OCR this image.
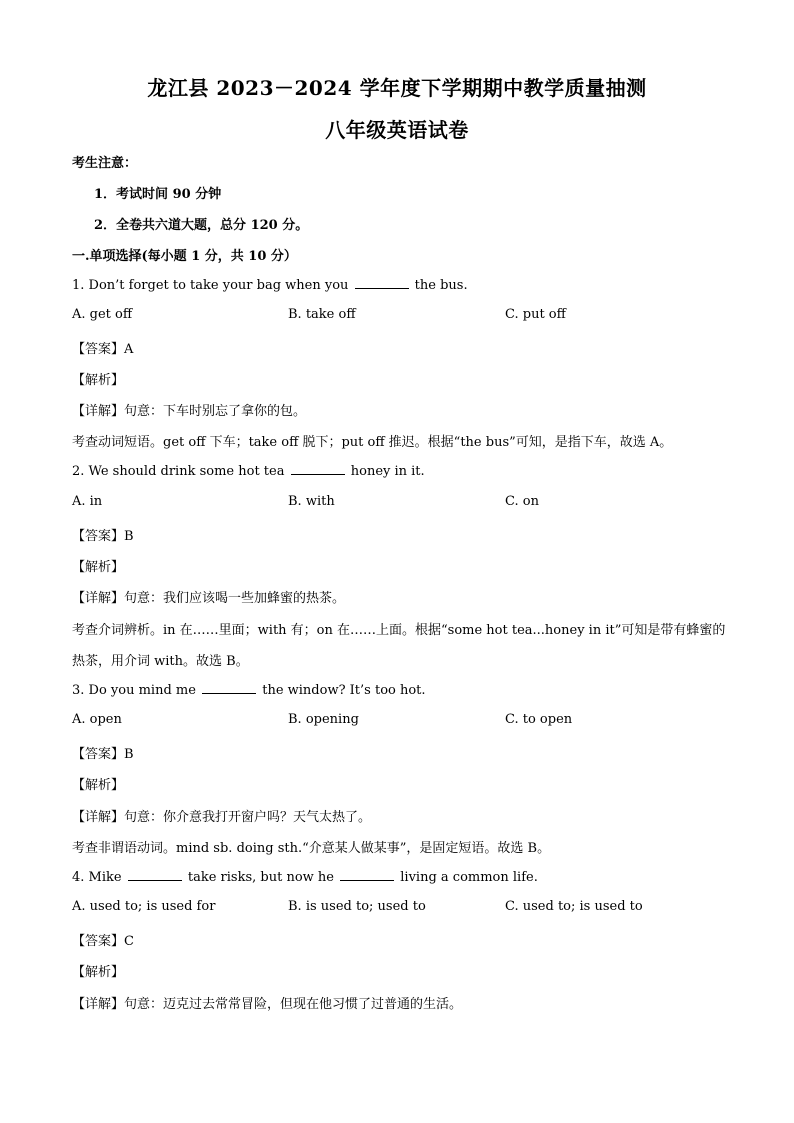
龙江县 2023－2024 学年度下学期期中教学质量抽测
八年级英语试卷
考生注意：
1．考试时间 90 分钟
2．全卷共六道大题，总分 120 分。
一.单项选择(每小题 1 分，共 10 分）
1. Don’t forget to take your bag when you	the bus.
A. get off	B. take off	C. put off
【答案】A
【解析】
【详解】句意：下车时别忘了拿你的包。
考查动词短语。get off 下车；take off 脱下；put off 推迟。根据“the bus”可知，是指下车，故选 A。
2. We should drink some hot tea	honey in it.
A. in	B. with	C. on
【答案】B
【解析】
【详解】句意：我们应该喝一些加蜂蜜的热茶。
考查介词辨析。in 在……里面；with 有；on 在……上面。根据“some hot tea...honey in it”可知是带有蜂蜜的
热茶，用介词 with。故选 B。
3. Do you mind me	the window? It’s too hot.
A. open	B. opening	C. to open
【答案】B
【解析】
【详解】句意：你介意我打开窗户吗？天气太热了。
考查非谓语动词。mind sb. doing sth.“介意某人做某事”，是固定短语。故选 B。
4. Mike	take risks, but now he	living a common life.
A. used to; is used for	B. is used to; used to	C. used to; is used to
【答案】C
【解析】
【详解】句意：迈克过去常常冒险，但现在他习惯了过普通的生活。
